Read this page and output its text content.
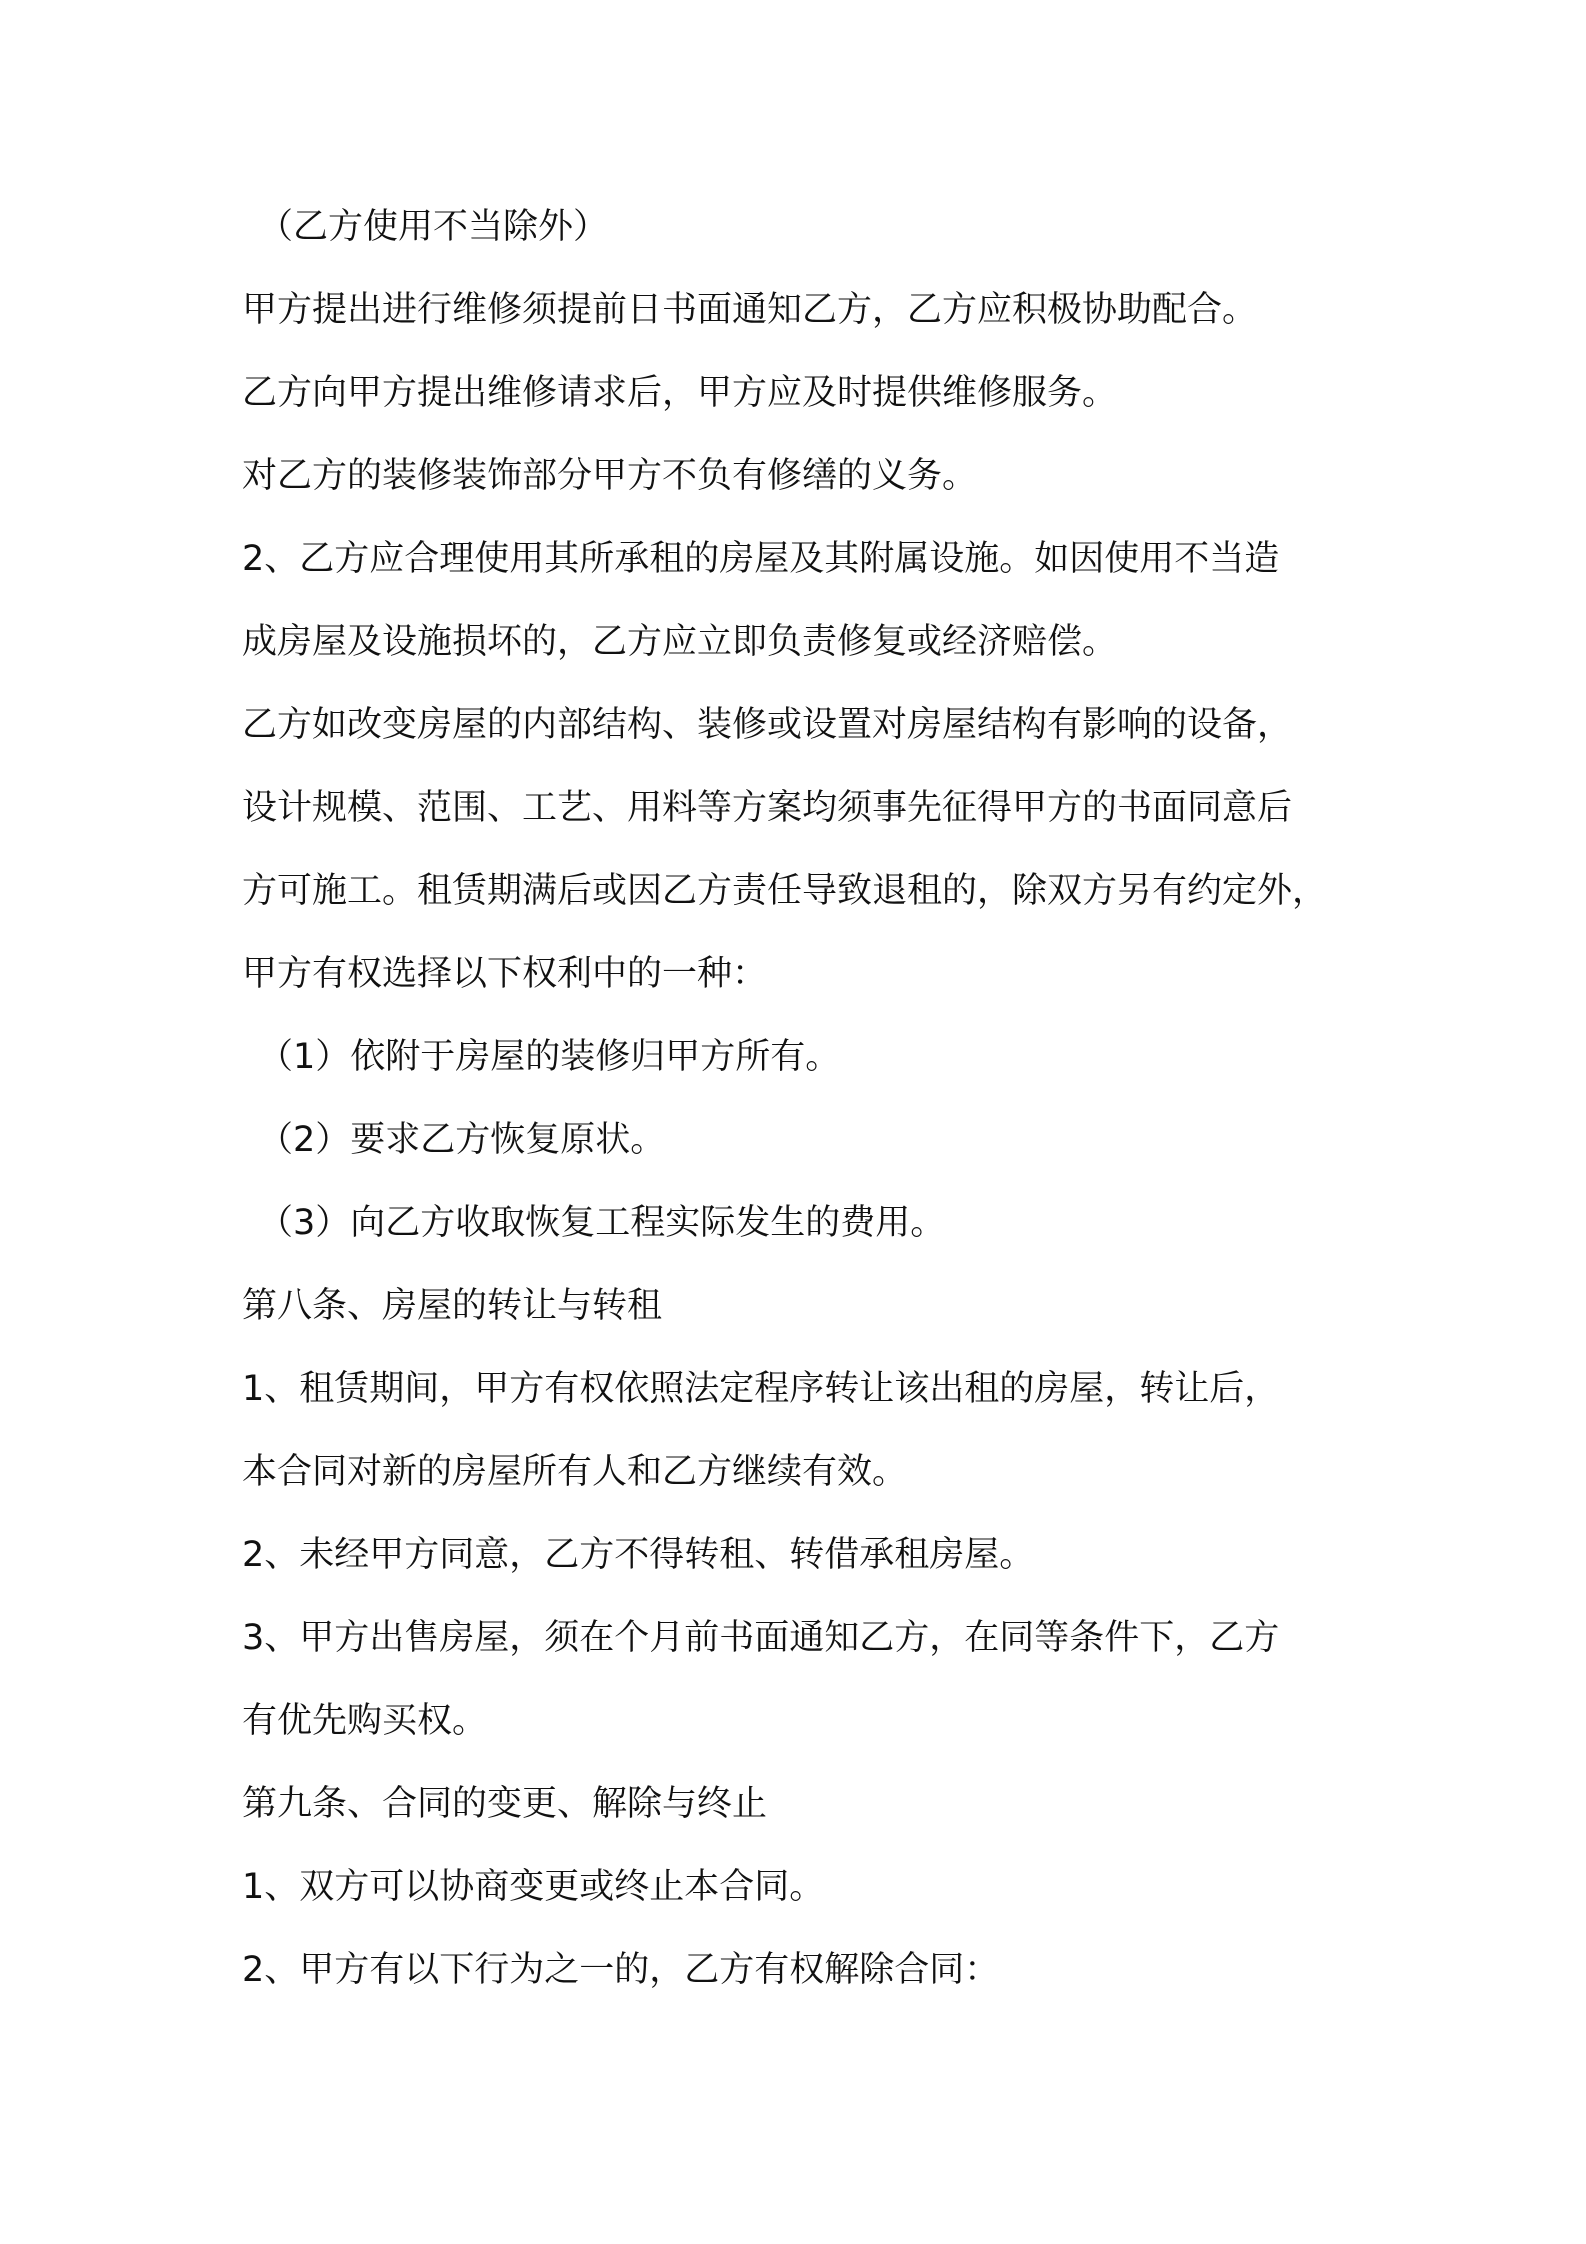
（乙方使用不当除外）

甲方提出进行维修须提前日书面通知乙方，乙方应积极协助配合。

乙方向甲方提出维修请求后，甲方应及时提供维修服务。

对乙方的装修装饰部分甲方不负有修缮的义务。

2、乙方应合理使用其所承租的房屋及其附属设施。如因使用不当造

成房屋及设施损坏的，乙方应立即负责修复或经济赔偿。

乙方如改变房屋的内部结构、装修或设置对房屋结构有影响的设备，

设计规模、范围、工艺、用料等方案均须事先征得甲方的书面同意后

方可施工。租赁期满后或因乙方责任导致退租的，除双方另有约定外，

甲方有权选择以下权利中的一种：

（1）依附于房屋的装修归甲方所有。

（2）要求乙方恢复原状。

（3）向乙方收取恢复工程实际发生的费用。

第八条、房屋的转让与转租

1、租赁期间，甲方有权依照法定程序转让该出租的房屋，转让后，

本合同对新的房屋所有人和乙方继续有效。

2、未经甲方同意，乙方不得转租、转借承租房屋。

3、甲方出售房屋，须在个月前书面通知乙方，在同等条件下，乙方

有优先购买权。

第九条、合同的变更、解除与终止

1、双方可以协商变更或终止本合同。

2、甲方有以下行为之一的，乙方有权解除合同：
